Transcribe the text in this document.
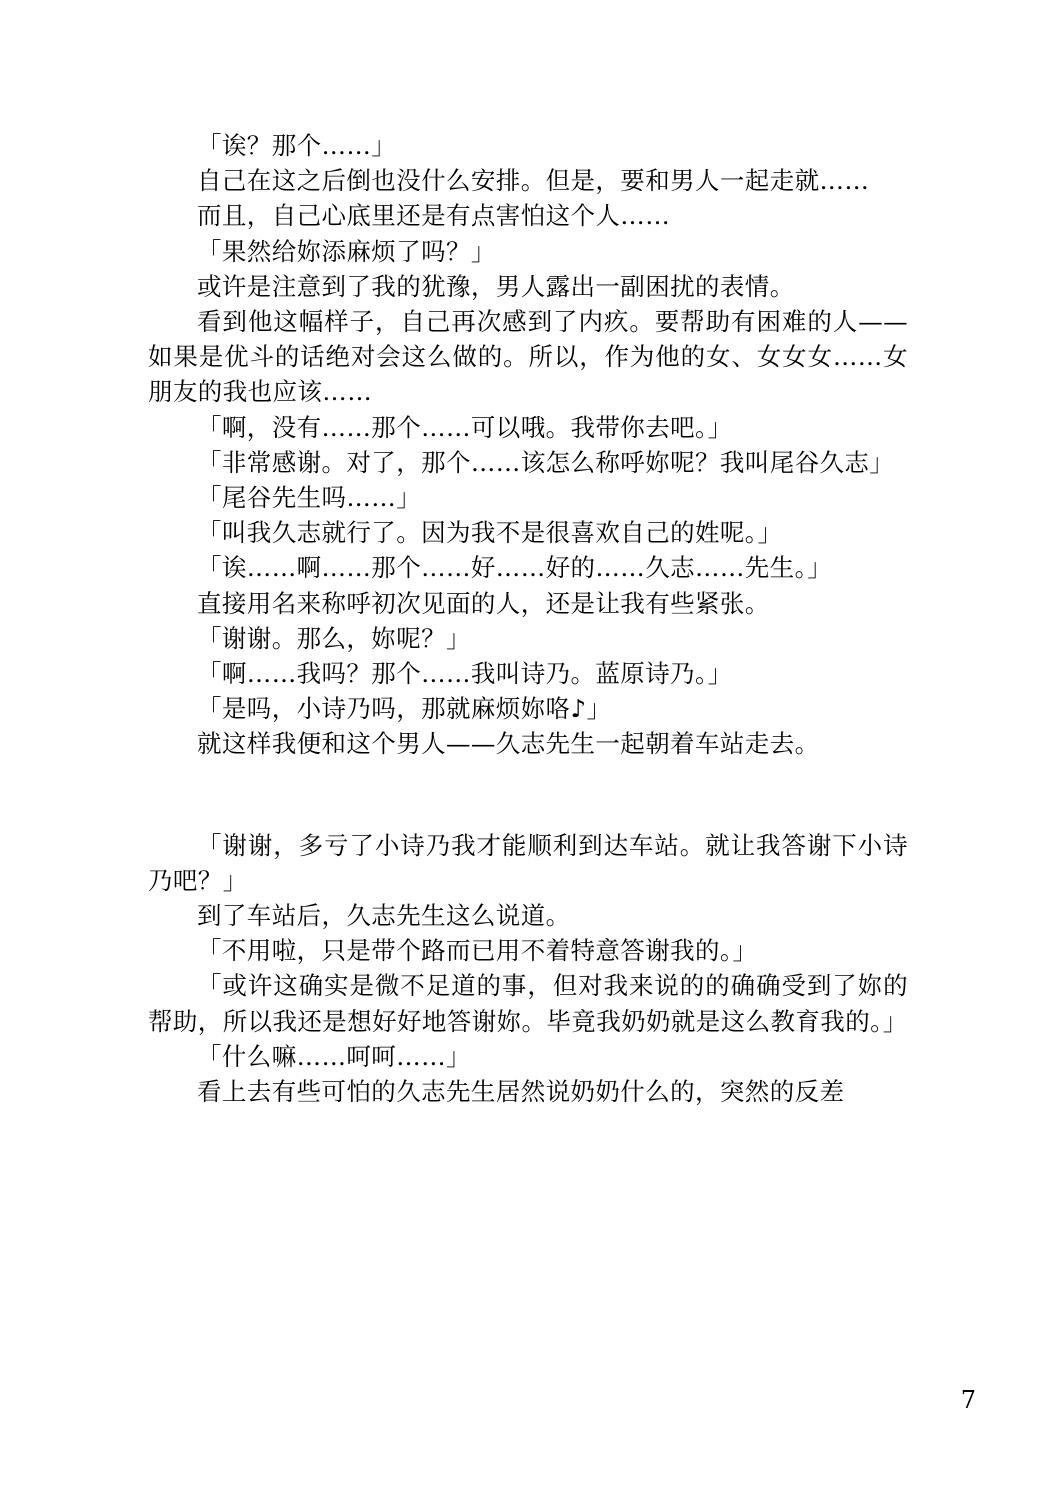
「诶？那个……」

自己在这之后倒也没什么安排。但是，要和男人一起走就……

而且，自己心底里还是有点害怕这个人……

「果然给妳添麻烦了吗？」

或许是注意到了我的犹豫，男人露出一副困扰的表情。

看到他这幅样子，自己再次感到了内疚。要帮助有困难的人——如果是优斗的话绝对会这么做的。所以，作为他的女、女女女……女朋友的我也应该……

「啊，没有……那个……可以哦。我带你去吧。」

「非常感谢。对了，那个……该怎么称呼妳呢？我叫尾谷久志」

「尾谷先生吗……」

「叫我久志就行了。因为我不是很喜欢自己的姓呢。」

「诶……啊……那个……好……好的……久志……先生。」

直接用名来称呼初次见面的人，还是让我有些紧张。

「谢谢。那么，妳呢？」

「啊……我吗？那个……我叫诗乃。蓝原诗乃。」

「是吗，小诗乃吗，那就麻烦妳咯♪」

就这样我便和这个男人——久志先生一起朝着车站走去。

「谢谢，多亏了小诗乃我才能顺利到达车站。就让我答谢下小诗乃吧？」

到了车站后，久志先生这么说道。

「不用啦，只是带个路而已用不着特意答谢我的。」

「或许这确实是微不足道的事，但对我来说的的确确受到了妳的帮助，所以我还是想好好地答谢妳。毕竟我奶奶就是这么教育我的。」

「什么嘛……呵呵……」

看上去有些可怕的久志先生居然说奶奶什么的，突然的反差

7
